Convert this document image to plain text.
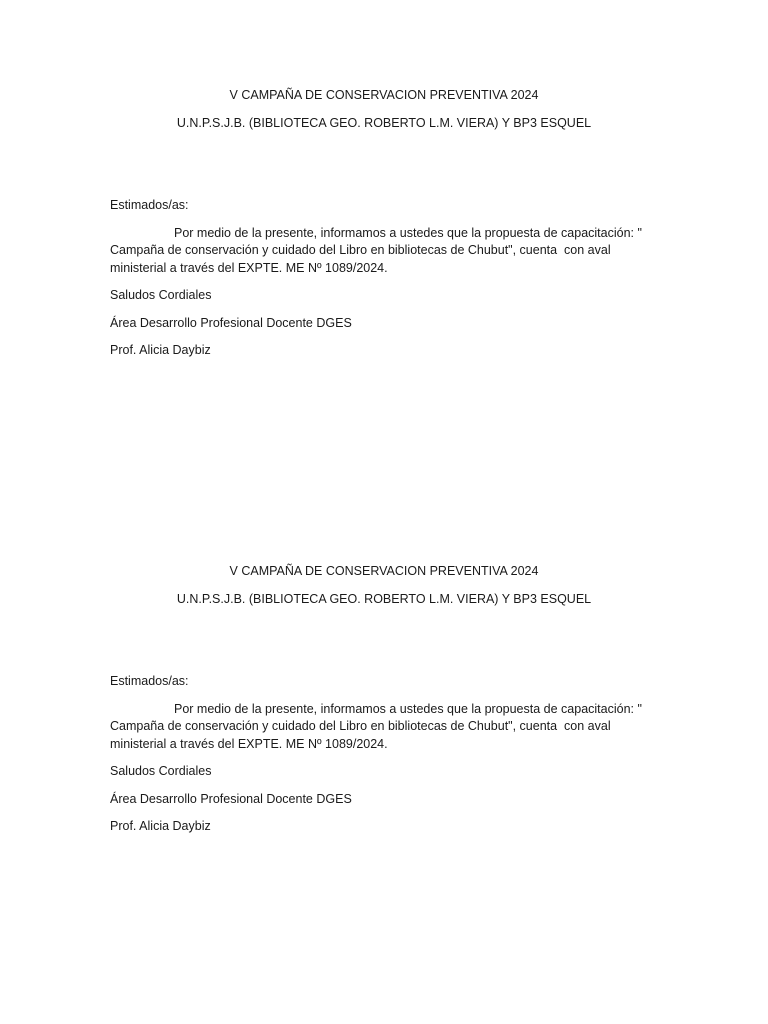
V CAMPAÑA DE CONSERVACION PREVENTIVA 2024

U.N.P.S.J.B. (BIBLIOTECA GEO. ROBERTO L.M. VIERA) Y BP3 ESQUEL

Estimados/as:

Por medio de la presente, informamos a ustedes que la propuesta de capacitación: " Campaña de conservación y cuidado del Libro en bibliotecas de Chubut", cuenta  con aval ministerial a través del EXPTE. ME Nº 1089/2024.

Saludos Cordiales

Área Desarrollo Profesional Docente DGES

Prof. Alicia Daybiz

V CAMPAÑA DE CONSERVACION PREVENTIVA 2024

U.N.P.S.J.B. (BIBLIOTECA GEO. ROBERTO L.M. VIERA) Y BP3 ESQUEL

Estimados/as:

Por medio de la presente, informamos a ustedes que la propuesta de capacitación: " Campaña de conservación y cuidado del Libro en bibliotecas de Chubut", cuenta  con aval ministerial a través del EXPTE. ME Nº 1089/2024.

Saludos Cordiales

Área Desarrollo Profesional Docente DGES

Prof. Alicia Daybiz
